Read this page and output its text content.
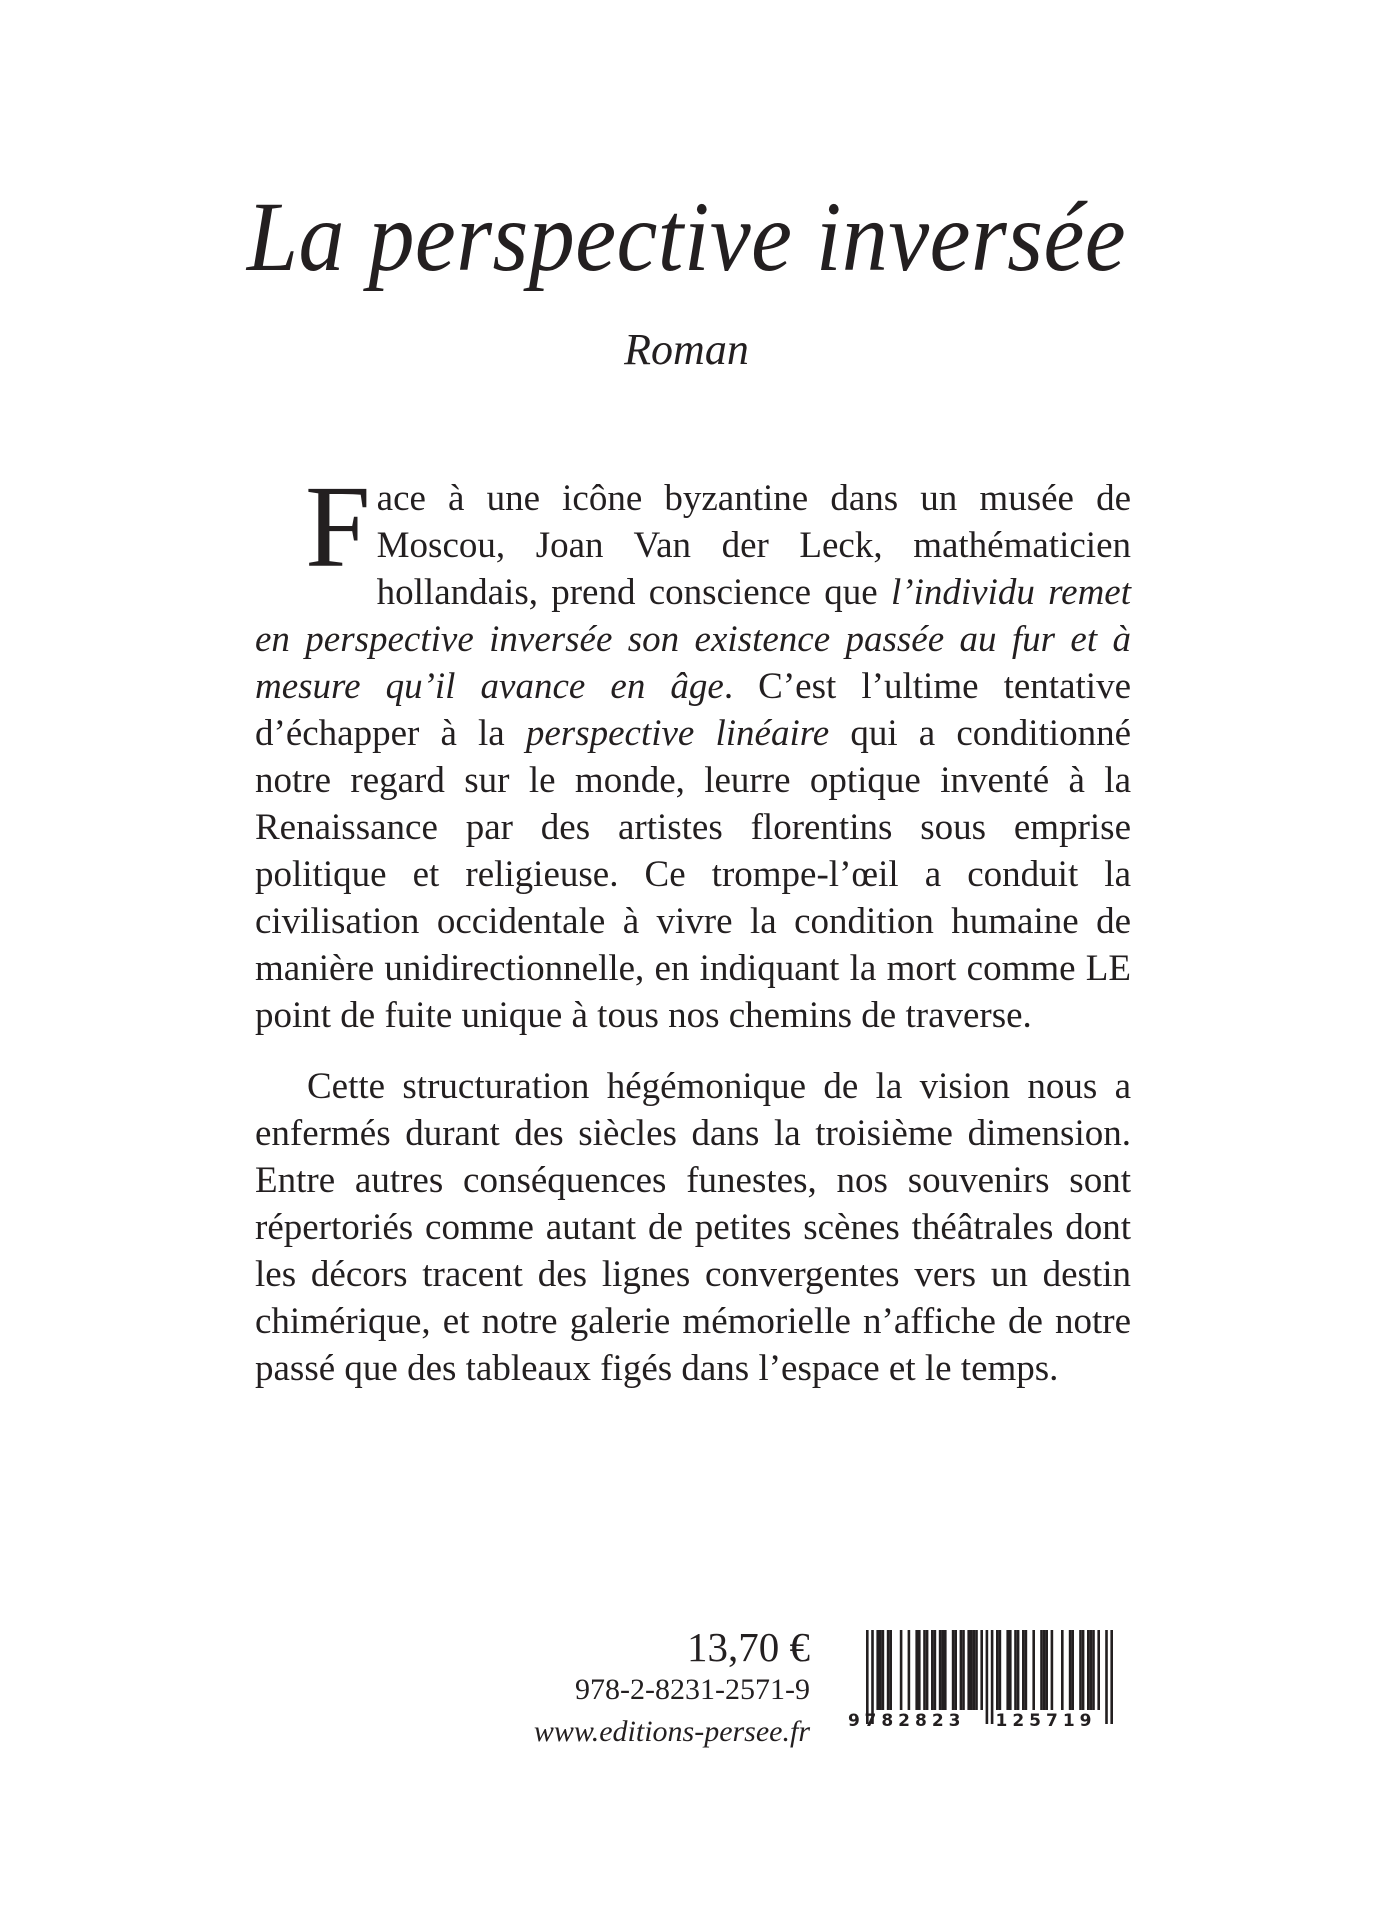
La perspective inversée
Roman

Face à une icône byzantine dans un musée de Moscou, Joan Van der Leck, mathématicien hollandais, prend conscience que l’individu remet en perspective inversée son existence passée au fur et à mesure qu’il avance en âge. C’est l’ultime tentative d’échapper à la perspective linéaire qui a conditionné notre regard sur le monde, leurre optique inventé à la Renaissance par des artistes florentins sous emprise politique et religieuse. Ce trompe-l’œil a conduit la civilisation occidentale à vivre la condition humaine de manière unidirectionnelle, en indiquant la mort comme LE point de fuite unique à tous nos chemins de traverse.

Cette structuration hégémonique de la vision nous a enfermés durant des siècles dans la troisième dimension. Entre autres conséquences funestes, nos souvenirs sont répertoriés comme autant de petites scènes théâtrales dont les décors tracent des lignes convergentes vers un destin chimérique, et notre galerie mémorielle n’affiche de notre passé que des tableaux figés dans l’espace et le temps.

13,70 €
978-2-8231-2571-9
www.editions-persee.fr 9 782823 125719
